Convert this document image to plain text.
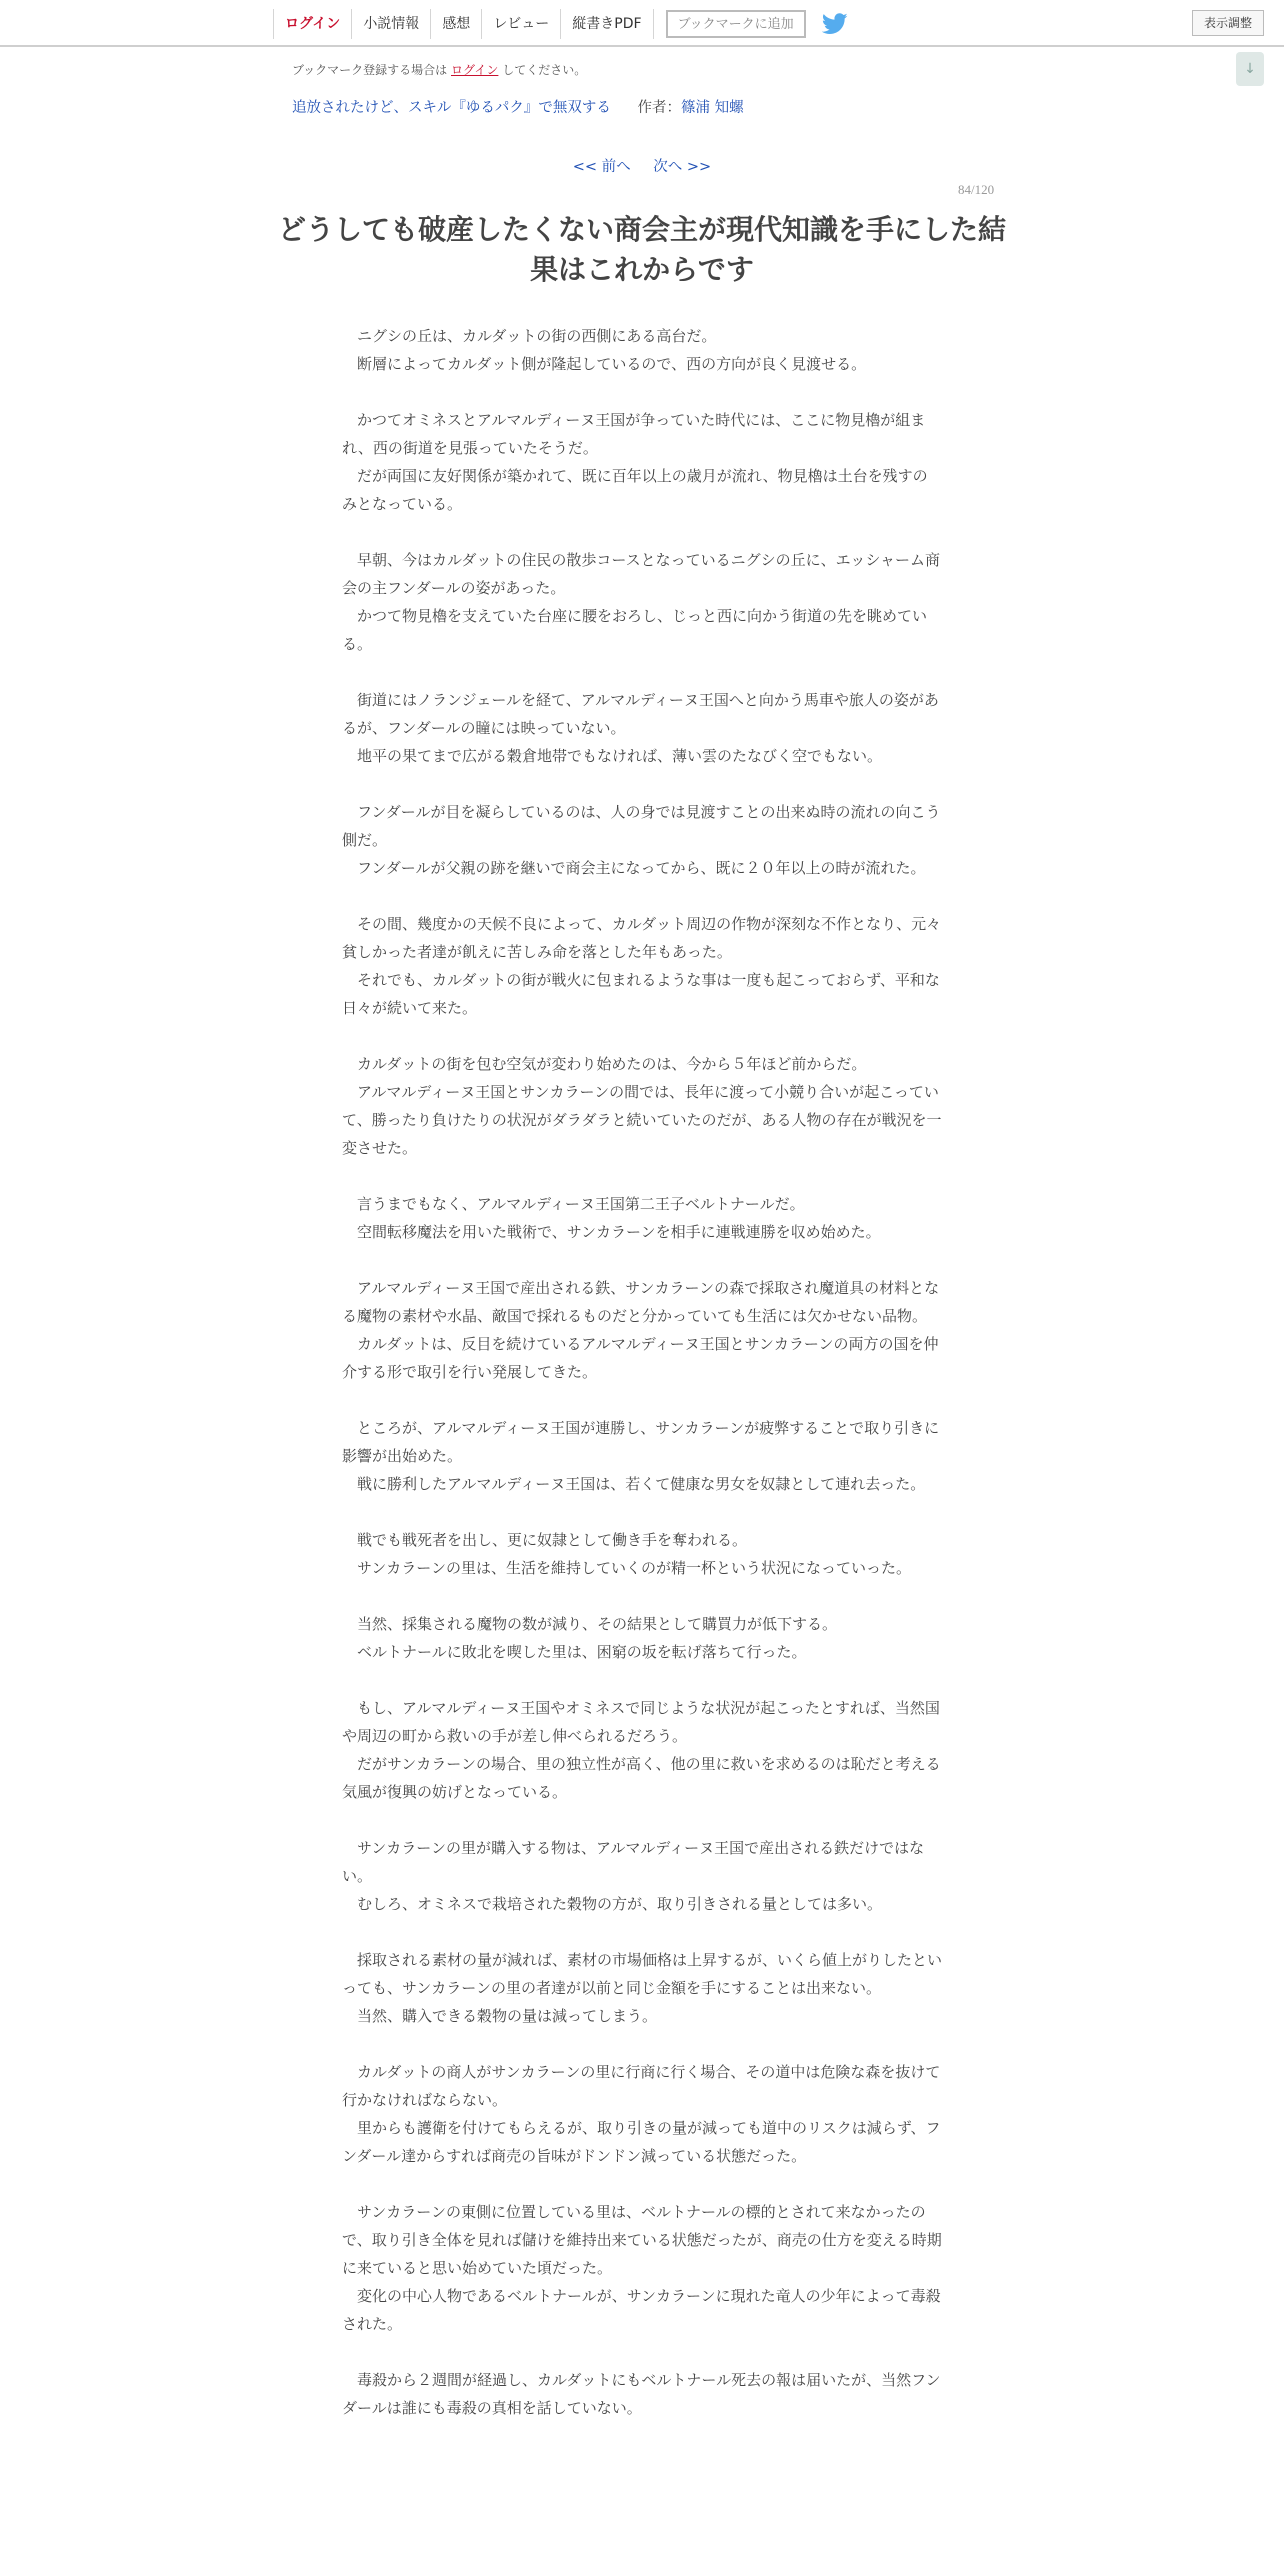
ログイン	小説情報	感想	レビュー	縦書きPDF	ブックマークに追加	表示調整
↓
ブックマーク登録する場合は ログイン してください。
追放されたけど、スキル『ゆるパク』で無双する 作者：篠浦 知螺
<< 前へ 次へ >>
84/120
どうしても破産したくない商会主が現代知識を手にした結果はこれからです

　ニグシの丘は、カルダットの街の西側にある高台だ。

　断層によってカルダット側が隆起しているので、西の方向が良く見渡せる。

　かつてオミネスとアルマルディーヌ王国が争っていた時代には、ここに物見櫓が組まれ、西の街道を見張っていたそうだ。

　だが両国に友好関係が築かれて、既に百年以上の歳月が流れ、物見櫓は土台を残すのみとなっている。

　早朝、今はカルダットの住民の散歩コースとなっているニグシの丘に、エッシャーム商会の主フンダールの姿があった。

　かつて物見櫓を支えていた台座に腰をおろし、じっと西に向かう街道の先を眺めている。

　街道にはノランジェールを経て、アルマルディーヌ王国へと向かう馬車や旅人の姿があるが、フンダールの瞳には映っていない。

　地平の果てまで広がる穀倉地帯でもなければ、薄い雲のたなびく空でもない。

　フンダールが目を凝らしているのは、人の身では見渡すことの出来ぬ時の流れの向こう側だ。

　フンダールが父親の跡を継いで商会主になってから、既に２０年以上の時が流れた。

　その間、幾度かの天候不良によって、カルダット周辺の作物が深刻な不作となり、元々貧しかった者達が飢えに苦しみ命を落とした年もあった。

　それでも、カルダットの街が戦火に包まれるような事は一度も起こっておらず、平和な日々が続いて来た。

　カルダットの街を包む空気が変わり始めたのは、今から５年ほど前からだ。

　アルマルディーヌ王国とサンカラーンの間では、長年に渡って小競り合いが起こっていて、勝ったり負けたりの状況がダラダラと続いていたのだが、ある人物の存在が戦況を一変させた。

　言うまでもなく、アルマルディーヌ王国第二王子ベルトナールだ。

　空間転移魔法を用いた戦術で、サンカラーンを相手に連戦連勝を収め始めた。

　アルマルディーヌ王国で産出される鉄、サンカラーンの森で採取され魔道具の材料となる魔物の素材や水晶、敵国で採れるものだと分かっていても生活には欠かせない品物。

　カルダットは、反目を続けているアルマルディーヌ王国とサンカラーンの両方の国を仲介する形で取引を行い発展してきた。

　ところが、アルマルディーヌ王国が連勝し、サンカラーンが疲弊することで取り引きに影響が出始めた。

　戦に勝利したアルマルディーヌ王国は、若くて健康な男女を奴隷として連れ去った。

　戦でも戦死者を出し、更に奴隷として働き手を奪われる。

　サンカラーンの里は、生活を維持していくのが精一杯という状況になっていった。

　当然、採集される魔物の数が減り、その結果として購買力が低下する。

　ベルトナールに敗北を喫した里は、困窮の坂を転げ落ちて行った。

　もし、アルマルディーヌ王国やオミネスで同じような状況が起こったとすれば、当然国や周辺の町から救いの手が差し伸べられるだろう。

　だがサンカラーンの場合、里の独立性が高く、他の里に救いを求めるのは恥だと考える気風が復興の妨げとなっている。

　サンカラーンの里が購入する物は、アルマルディーヌ王国で産出される鉄だけではない。

　むしろ、オミネスで栽培された穀物の方が、取り引きされる量としては多い。

　採取される素材の量が減れば、素材の市場価格は上昇するが、いくら値上がりしたといっても、サンカラーンの里の者達が以前と同じ金額を手にすることは出来ない。

　当然、購入できる穀物の量は減ってしまう。

　カルダットの商人がサンカラーンの里に行商に行く場合、その道中は危険な森を抜けて行かなければならない。

　里からも護衛を付けてもらえるが、取り引きの量が減っても道中のリスクは減らず、フンダール達からすれば商売の旨味がドンドン減っている状態だった。

　サンカラーンの東側に位置している里は、ベルトナールの標的とされて来なかったので、取り引き全体を見れば儲けを維持出来ている状態だったが、商売の仕方を変える時期に来ていると思い始めていた頃だった。

　変化の中心人物であるベルトナールが、サンカラーンに現れた竜人の少年によって毒殺された。

　毒殺から２週間が経過し、カルダットにもベルトナール死去の報は届いたが、当然フンダールは誰にも毒殺の真相を話していない。
